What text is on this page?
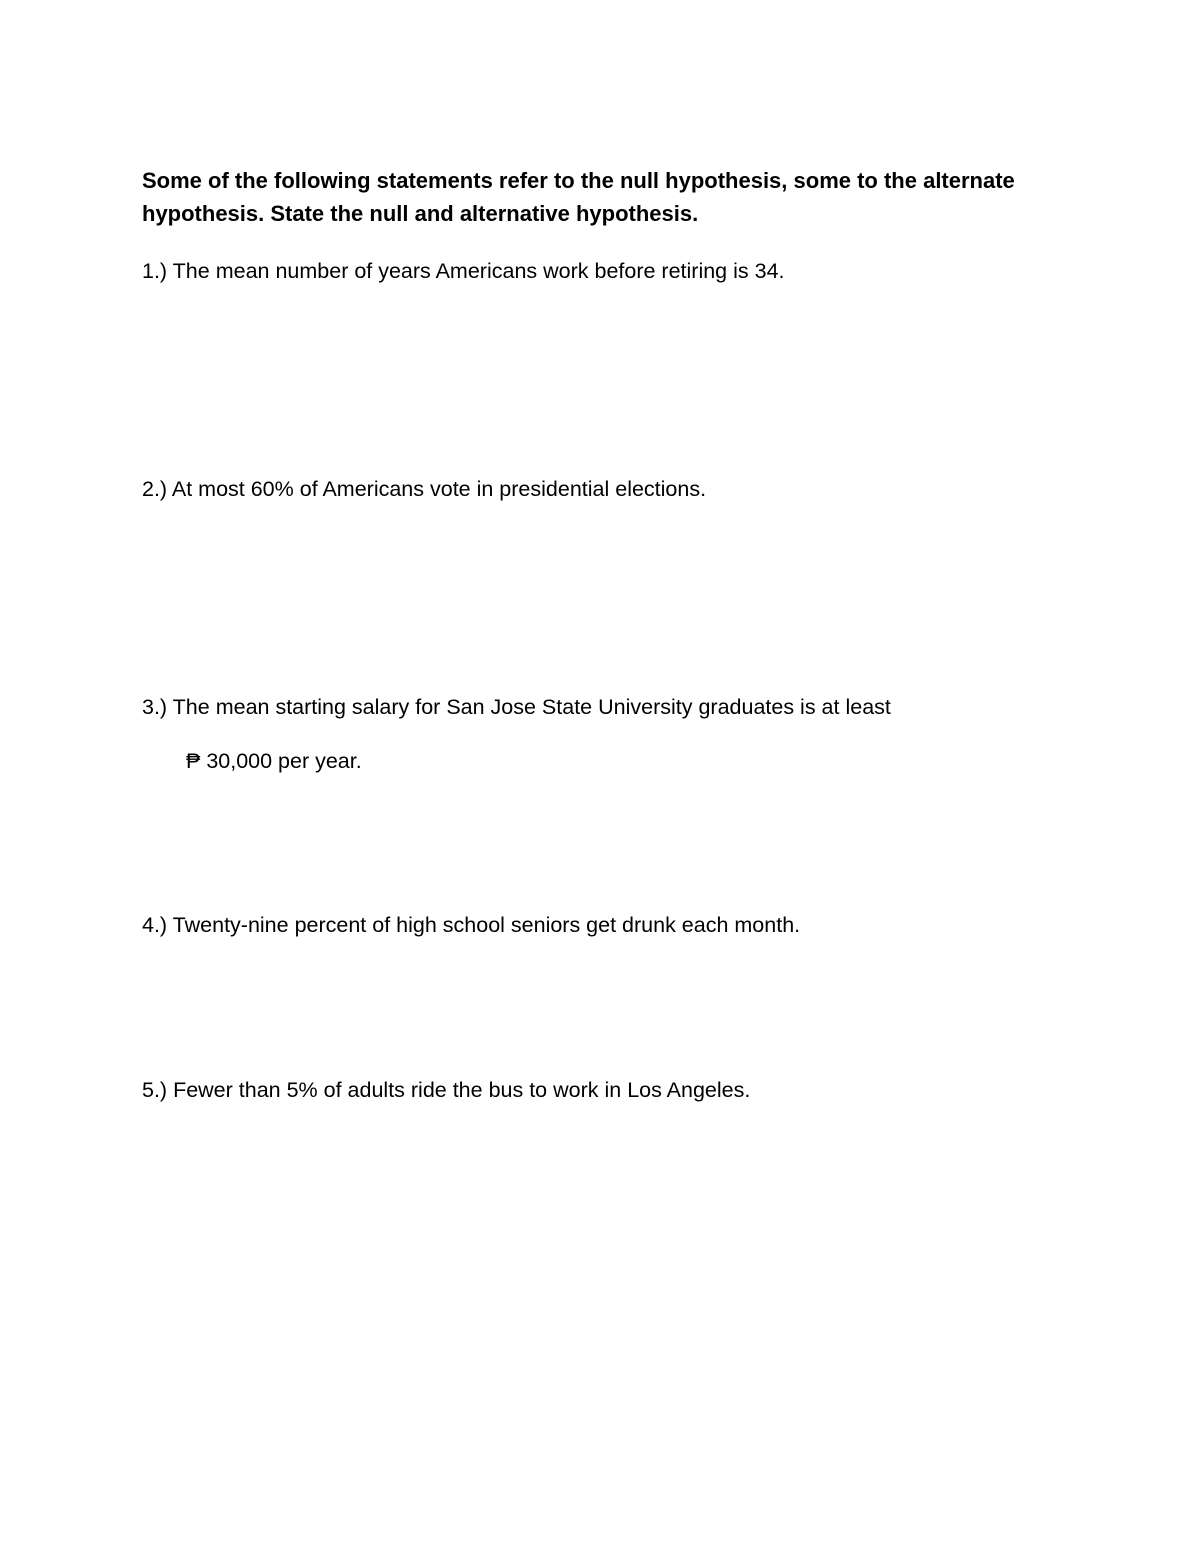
Some of the following statements refer to the null hypothesis, some to the alternate hypothesis. State the null and alternative hypothesis.

1.) The mean number of years Americans work before retiring is 34.

2.) At most 60% of Americans vote in presidential elections.

3.) The mean starting salary for San Jose State University graduates is at least

₱ 30,000 per year.

4.) Twenty-nine percent of high school seniors get drunk each month.

5.) Fewer than 5% of adults ride the bus to work in Los Angeles.
